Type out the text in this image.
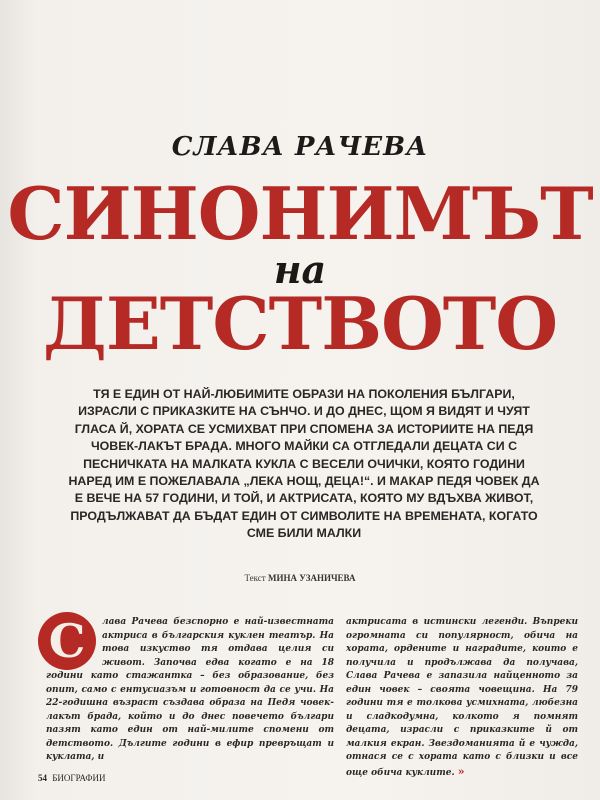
СЛАВА РАЧЕВА
СИНОНИМЪТ
на
ДЕТСТВОТО
ТЯ Е ЕДИН ОТ НАЙ-ЛЮБИМИТЕ ОБРАЗИ НА ПОКОЛЕНИЯ БЪЛГАРИ, ИЗРАСЛИ С ПРИКАЗКИТЕ НА СЪНЧО. И ДО ДНЕС, ЩОМ Я ВИДЯТ И ЧУЯТ ГЛАСА Й, ХОРАТА СЕ УСМИХВАТ ПРИ СПОМЕНА ЗА ИСТОРИИТЕ НА ПЕДЯ ЧОВЕК-ЛАКЪТ БРАДА. МНОГО МАЙКИ СА ОТГЛЕДАЛИ ДЕЦАТА СИ С ПЕСНИЧКАТА НА МАЛКАТА КУКЛА С ВЕСЕЛИ ОЧИЧКИ, КОЯТО ГОДИНИ НАРЕД ИМ Е ПОЖЕЛАВАЛА „ЛЕКА НОЩ, ДЕЦА!“. И МАКАР ПЕДЯ ЧОВЕК ДА Е ВЕЧЕ НА 57 ГОДИНИ, И ТОЙ, И АКТРИСАТА, КОЯТО МУ ВДЪХВА ЖИВОТ, ПРОДЪЛЖАВАТ ДА БЪДАТ ЕДИН ОТ СИМВОЛИТЕ НА ВРЕМЕНАТА, КОГАТО СМЕ БИЛИ МАЛКИ
Текст МИНА УЗАНИЧЕВА
С	лава Рачева безспорно е най-известната актриса в българския куклен театър. На това изкуство тя отдава целия си живот. Започва едва когато е на 18 години като стажантка – без образование, без опит, само с ентусиазъм и готовност да се учи. На 22-годишна възраст създава образа на Педя човек-лакът брада, който и до днес повечето българи пазят като един от най-милите спомени от детството. Дългите години в ефир превръщат и куклата, и
актрисата в истински легенди. Въпреки огромната си популярност, обича на хората, ордените и наградите, които е получила и продължава да получава, Слава Рачева е запазила найценното за един човек – своята човещина. На 79 години тя е толкова усмихната, любезна и сладкодумна, колкото я помнят децата, израсли с приказките й от малкия екран. Звездоманията й е чужда, отнася се с хората като с близки и все още обича куклите. »
54 БИОГРАФИИ
